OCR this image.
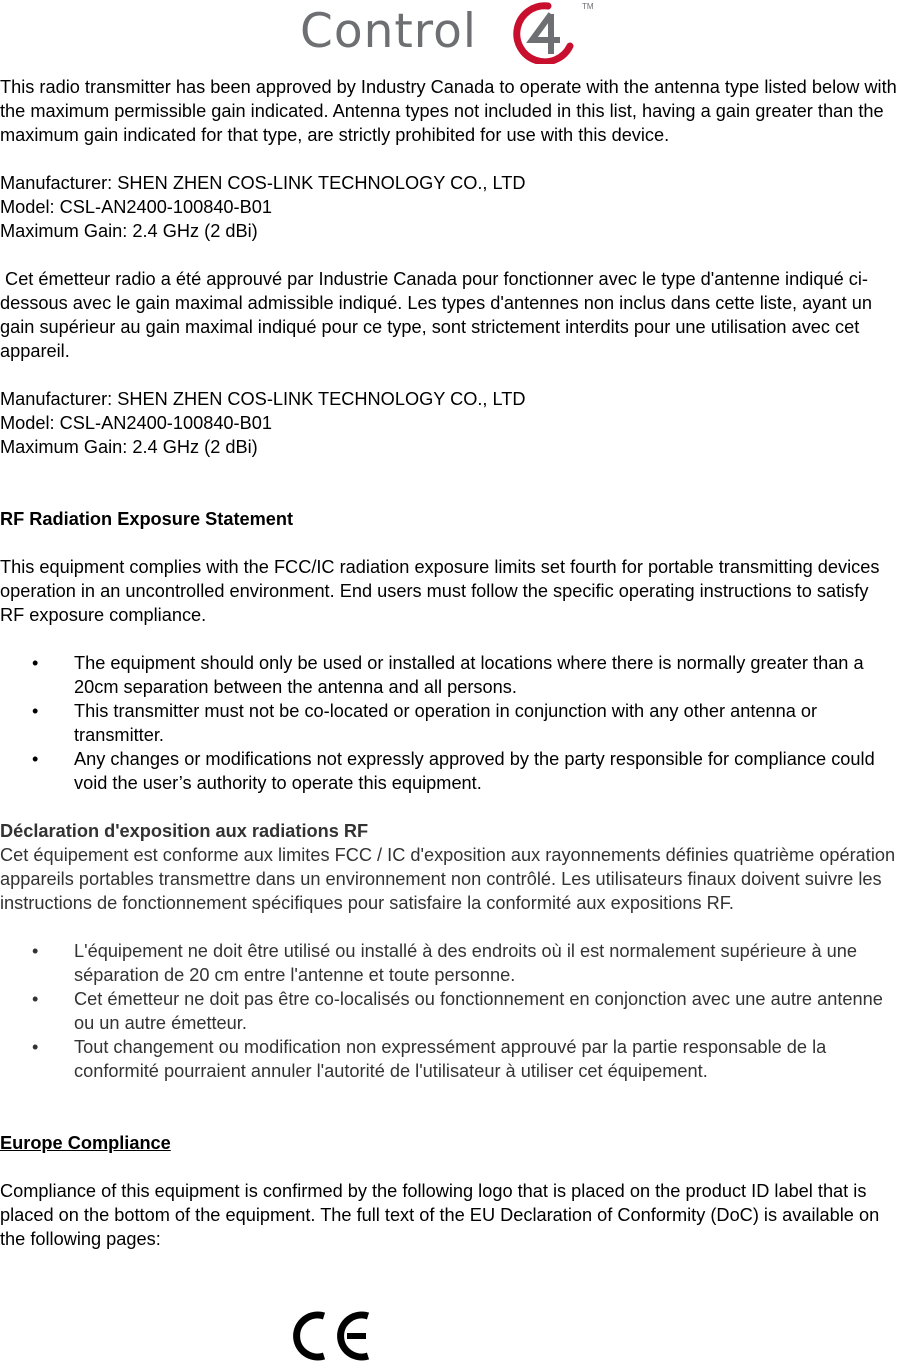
Control	TM

This radio transmitter has been approved by Industry Canada to operate with the antenna type listed below with the maximum permissible gain indicated. Antenna types not included in this list, having a gain greater than the maximum gain indicated for that type, are strictly prohibited for use with this device.

Manufacturer: SHEN ZHEN COS-LINK TECHNOLOGY CO., LTD

Model: CSL-AN2400-100840-B01

Maximum Gain: 2.4 GHz (2 dBi)

Cet émetteur radio a été approuvé par Industrie Canada pour fonctionner avec le type d'antenne indiqué ci-dessous avec le gain maximal admissible indiqué. Les types d'antennes non inclus dans cette liste, ayant un gain supérieur au gain maximal indiqué pour ce type, sont strictement interdits pour une utilisation avec cet appareil.

Manufacturer: SHEN ZHEN COS-LINK TECHNOLOGY CO., LTD

Model: CSL-AN2400-100840-B01

Maximum Gain: 2.4 GHz (2 dBi)

RF Radiation Exposure Statement

This equipment complies with the FCC/IC radiation exposure limits set fourth for portable transmitting devices operation in an uncontrolled environment. End users must follow the specific operating instructions to satisfy RF exposure compliance.

• The equipment should only be used or installed at locations where there is normally greater than a 20cm separation between the antenna and all persons.
• This transmitter must not be co-located or operation in conjunction with any other antenna or transmitter.
• Any changes or modifications not expressly approved by the party responsible for compliance could void the user’s authority to operate this equipment.

Déclaration d'exposition aux radiations RF

Cet équipement est conforme aux limites FCC / IC d'exposition aux rayonnements définies quatrième opération appareils portables transmettre dans un environnement non contrôlé. Les utilisateurs finaux doivent suivre les instructions de fonctionnement spécifiques pour satisfaire la conformité aux expositions RF.

• L'équipement ne doit être utilisé ou installé à des endroits où il est normalement supérieure à une séparation de 20 cm entre l'antenne et toute personne.
• Cet émetteur ne doit pas être co-localisés ou fonctionnement en conjonction avec une autre antenne ou un autre émetteur.
• Tout changement ou modification non expressément approuvé par la partie responsable de la conformité pourraient annuler l'autorité de l'utilisateur à utiliser cet équipement.

Europe Compliance

Compliance of this equipment is confirmed by the following logo that is placed on the product ID label that is placed on the bottom of the equipment. The full text of the EU Declaration of Conformity (DoC) is available on the following pages:
